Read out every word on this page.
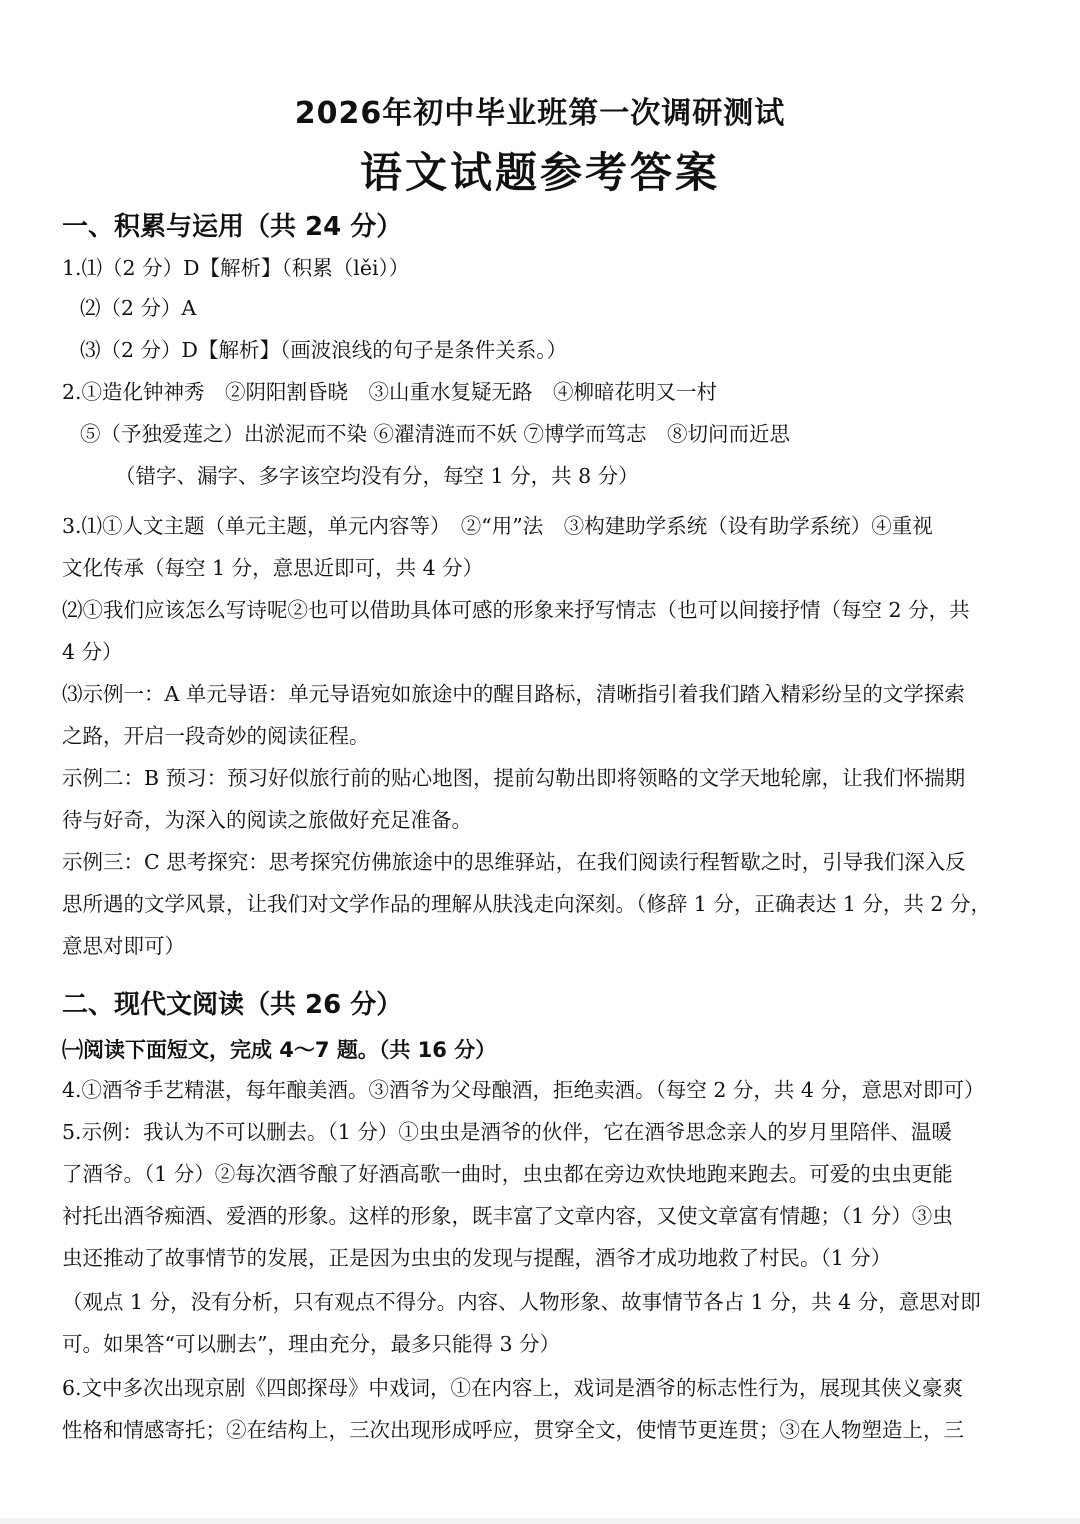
2026年初中毕业班第一次调研测试
语文试题参考答案
一、积累与运用（共 24 分）
1.⑴（2 分）D【解析】（积累（lěi））
⑵（2 分）A
⑶（2 分）D【解析】（画波浪线的句子是条件关系。）
2.①造化钟神秀　②阴阳割昏晓　③山重水复疑无路　④柳暗花明又一村
⑤（予独爱莲之）出淤泥而不染 ⑥濯清涟而不妖 ⑦博学而笃志　⑧切问而近思
（错字、漏字、多字该空均没有分，每空 1 分，共 8 分）
3.⑴①人文主题（单元主题，单元内容等）　②“用”法　③构建助学系统（设有助学系统）④重视
文化传承（每空 1 分，意思近即可，共 4 分）
⑵①我们应该怎么写诗呢②也可以借助具体可感的形象来抒写情志（也可以间接抒情（每空 2 分，共
4 分）
⑶示例一：A 单元导语：单元导语宛如旅途中的醒目路标，清晰指引着我们踏入精彩纷呈的文学探索
之路，开启一段奇妙的阅读征程。
示例二：B 预习：预习好似旅行前的贴心地图，提前勾勒出即将领略的文学天地轮廓，让我们怀揣期
待与好奇，为深入的阅读之旅做好充足准备。
示例三：C 思考探究：思考探究仿佛旅途中的思维驿站，在我们阅读行程暂歇之时，引导我们深入反
思所遇的文学风景，让我们对文学作品的理解从肤浅走向深刻。（修辞 1 分，正确表达 1 分，共 2 分，
意思对即可）
二、现代文阅读（共 26 分）
㈠阅读下面短文，完成 4～7 题。（共 16 分）
4.①酒爷手艺精湛，每年酿美酒。③酒爷为父母酿酒，拒绝卖酒。（每空 2 分，共 4 分，意思对即可）
5.示例：我认为不可以删去。（1 分）①虫虫是酒爷的伙伴，它在酒爷思念亲人的岁月里陪伴、温暖
了酒爷。（1 分）②每次酒爷酿了好酒高歌一曲时，虫虫都在旁边欢快地跑来跑去。可爱的虫虫更能
衬托出酒爷痴酒、爱酒的形象。这样的形象，既丰富了文章内容，又使文章富有情趣；（1 分）③虫
虫还推动了故事情节的发展，正是因为虫虫的发现与提醒，酒爷才成功地救了村民。（1 分）
（观点 1 分，没有分析，只有观点不得分。内容、人物形象、故事情节各占 1 分，共 4 分，意思对即
可。如果答“可以删去”，理由充分，最多只能得 3 分）
6.文中多次出现京剧《四郎探母》中戏词，①在内容上，戏词是酒爷的标志性行为，展现其侠义豪爽
性格和情感寄托；②在结构上，三次出现形成呼应，贯穿全文，使情节更连贯；③在人物塑造上，三
